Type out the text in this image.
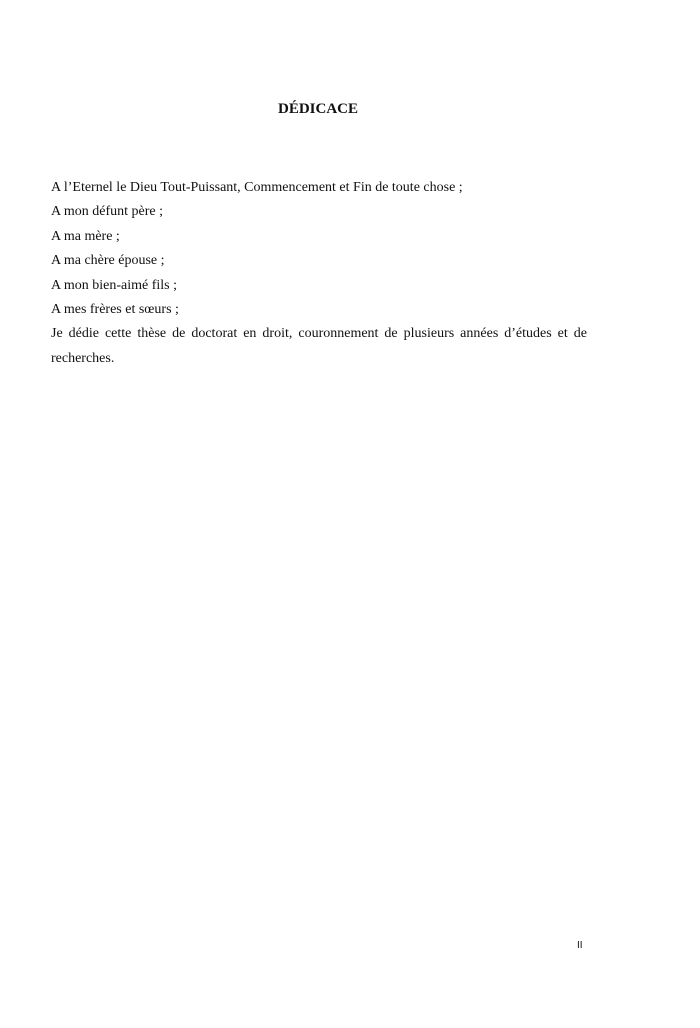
DÉDICACE
A l’Eternel le Dieu Tout-Puissant, Commencement et Fin de toute chose ;
A mon défunt père ;
A ma mère ;
A ma chère épouse ;
A mon bien-aimé fils ;
A mes frères et sœurs ;
Je dédie cette thèse de doctorat en droit, couronnement de plusieurs années d’études et de recherches.
II
